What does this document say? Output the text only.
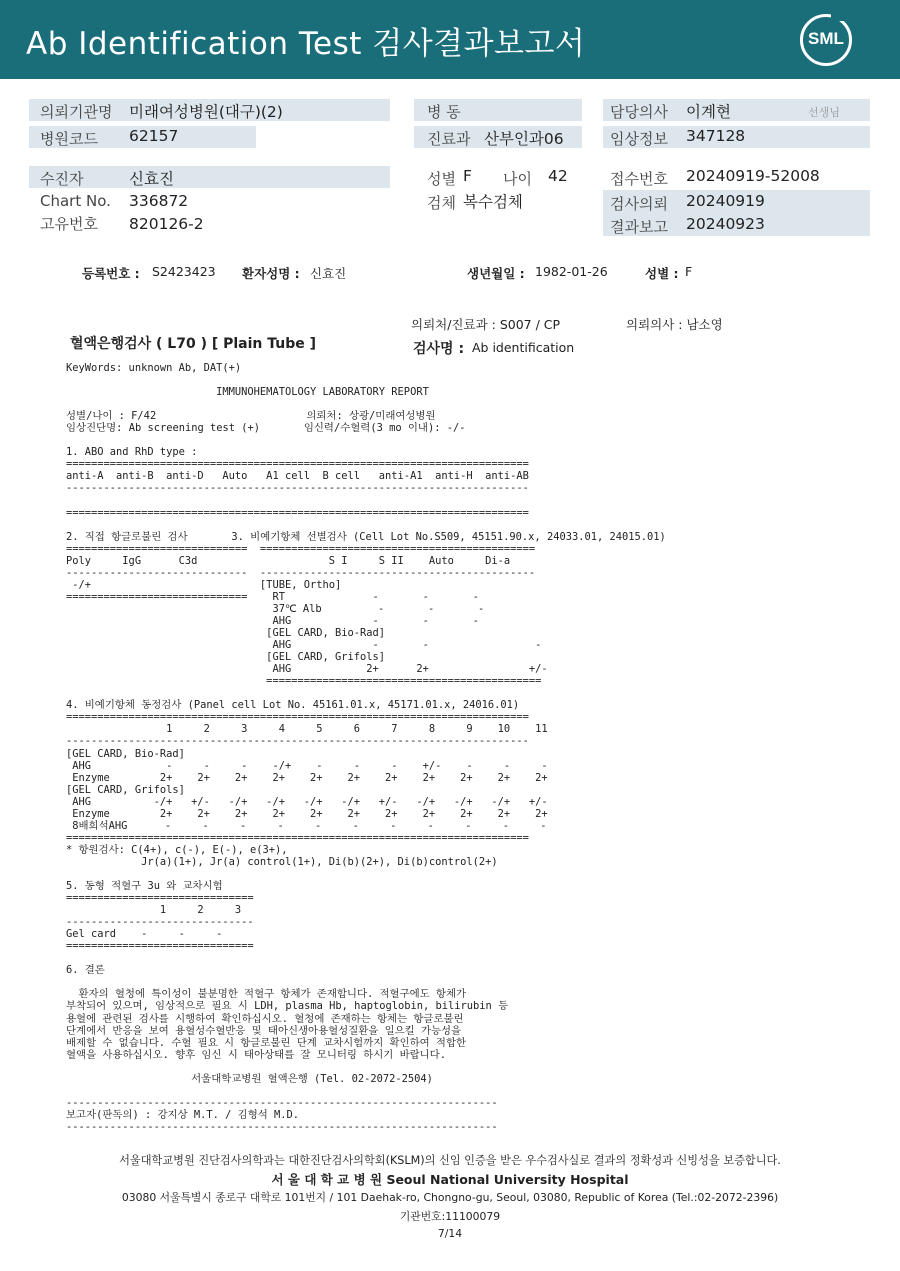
Ab Identification Test 검사결과보고서	SML
의뢰기관명 미래여성병원(대구)(2)	병 동	담당의사 이계현	선생님
병원코드 62157	진료과 산부인과06	임상정보 347128
수진자	신효진	성별 F 나이 42	접수번호 20240919-52008
Chart No. 336872	검체 복수검체	검사의뢰 20240919
고유번호 820126-2	결과보고 20240923
등록번호 : S2423423 환자성명 : 신효진	생년월일 : 1982-01-26	성별 : F
의뢰처/진료과 : S007 / CP	의뢰의사 : 남소영
혈액은행검사 ( L70 ) [ Plain Tube ]	검사명 : Ab identification
KeyWords: unknown Ab, DAT(+)

IMMUNOHEMATOLOGY LABORATORY REPORT

성별/나이 : F/42                        의뢰처: 상광/미래여성병원
임상진단명: Ab screening test (+)       임신력/수혈력(3 mo 이내): -/-

1. ABO and RhD type :
==========================================================================
anti-A  anti-B  anti-D   Auto   A1 cell  B cell   anti-A1  anti-H  anti-AB
--------------------------------------------------------------------------

==========================================================================

2. 직접 항글로불린 검사       3. 비예기항체 선별검사 (Cell Lot No.S509, 45151.90.x, 24033.01, 24015.01)
=============================  ============================================
Poly     IgG      C3d                     S I     S II    Auto     Di-a
-----------------------------  --------------------------------------------
-/+                           [TUBE, Ortho]
=============================    RT              -       -       -
37℃ Alb         -       -       -
AHG             -       -       -
[GEL CARD, Bio-Rad]
AHG             -       -                 -
[GEL CARD, Grifols]
AHG            2+      2+                +/-
============================================

4. 비예기항체 동정검사 (Panel cell Lot No. 45161.01.x, 45171.01.x, 24016.01)
==========================================================================
1     2     3     4     5     6     7     8     9    10    11
--------------------------------------------------------------------------
[GEL CARD, Bio-Rad]
AHG            -     -     -    -/+    -     -     -    +/-    -     -     -
Enzyme        2+    2+    2+    2+    2+    2+    2+    2+    2+    2+    2+
[GEL CARD, Grifols]
AHG          -/+   +/-   -/+   -/+   -/+   -/+   +/-   -/+   -/+   -/+   +/-
Enzyme        2+    2+    2+    2+    2+    2+    2+    2+    2+    2+    2+
8배희석AHG      -     -     -     -     -     -     -     -     -     -     -
==========================================================================
* 항원검사: C(4+), c(-), E(-), e(3+),
Jr(a)(1+), Jr(a) control(1+), Di(b)(2+), Di(b)control(2+)

5. 동형 적혈구 3u 와 교차시험
==============================
1     2     3
------------------------------
Gel card    -     -     -
==============================

6. 결론

환자의 혈청에 특이성이 불분명한 적혈구 항체가 존재합니다. 적혈구에도 항체가
부착되어 있으며, 임상적으로 필요 시 LDH, plasma Hb, haptoglobin, bilirubin 등
용혈에 관련된 검사를 시행하여 확인하십시오. 혈청에 존재하는 항체는 항글로불린
단계에서 반응을 보여 용혈성수혈반응 및 태아신생아용혈성질환을 일으킬 가능성을
배제할 수 없습니다. 수혈 필요 시 항글로불린 단계 교차시험까지 확인하여 적합한
혈액을 사용하십시오. 향후 임신 시 태아상태를 잘 모니터링 하시기 바랍니다.

서울대학교병원 혈액은행 (Tel. 02-2072-2504)

---------------------------------------------------------------------
보고자(판독의) : 강지상 M.T. / 김형석 M.D.
---------------------------------------------------------------------

서울대학교병원 진단검사의학과는 대한진단검사의학회(KSLM)의 신임 인증을 받은 우수검사실로 결과의 정확성과 신빙성을 보증합니다.
서 울 대 학 교 병 원 Seoul National University Hospital
03080 서울특별시 종로구 대학로 101번지 / 101 Daehak-ro, Chongno-gu, Seoul, 03080, Republic of Korea (Tel.:02-2072-2396)
기관번호:11100079
7/14
